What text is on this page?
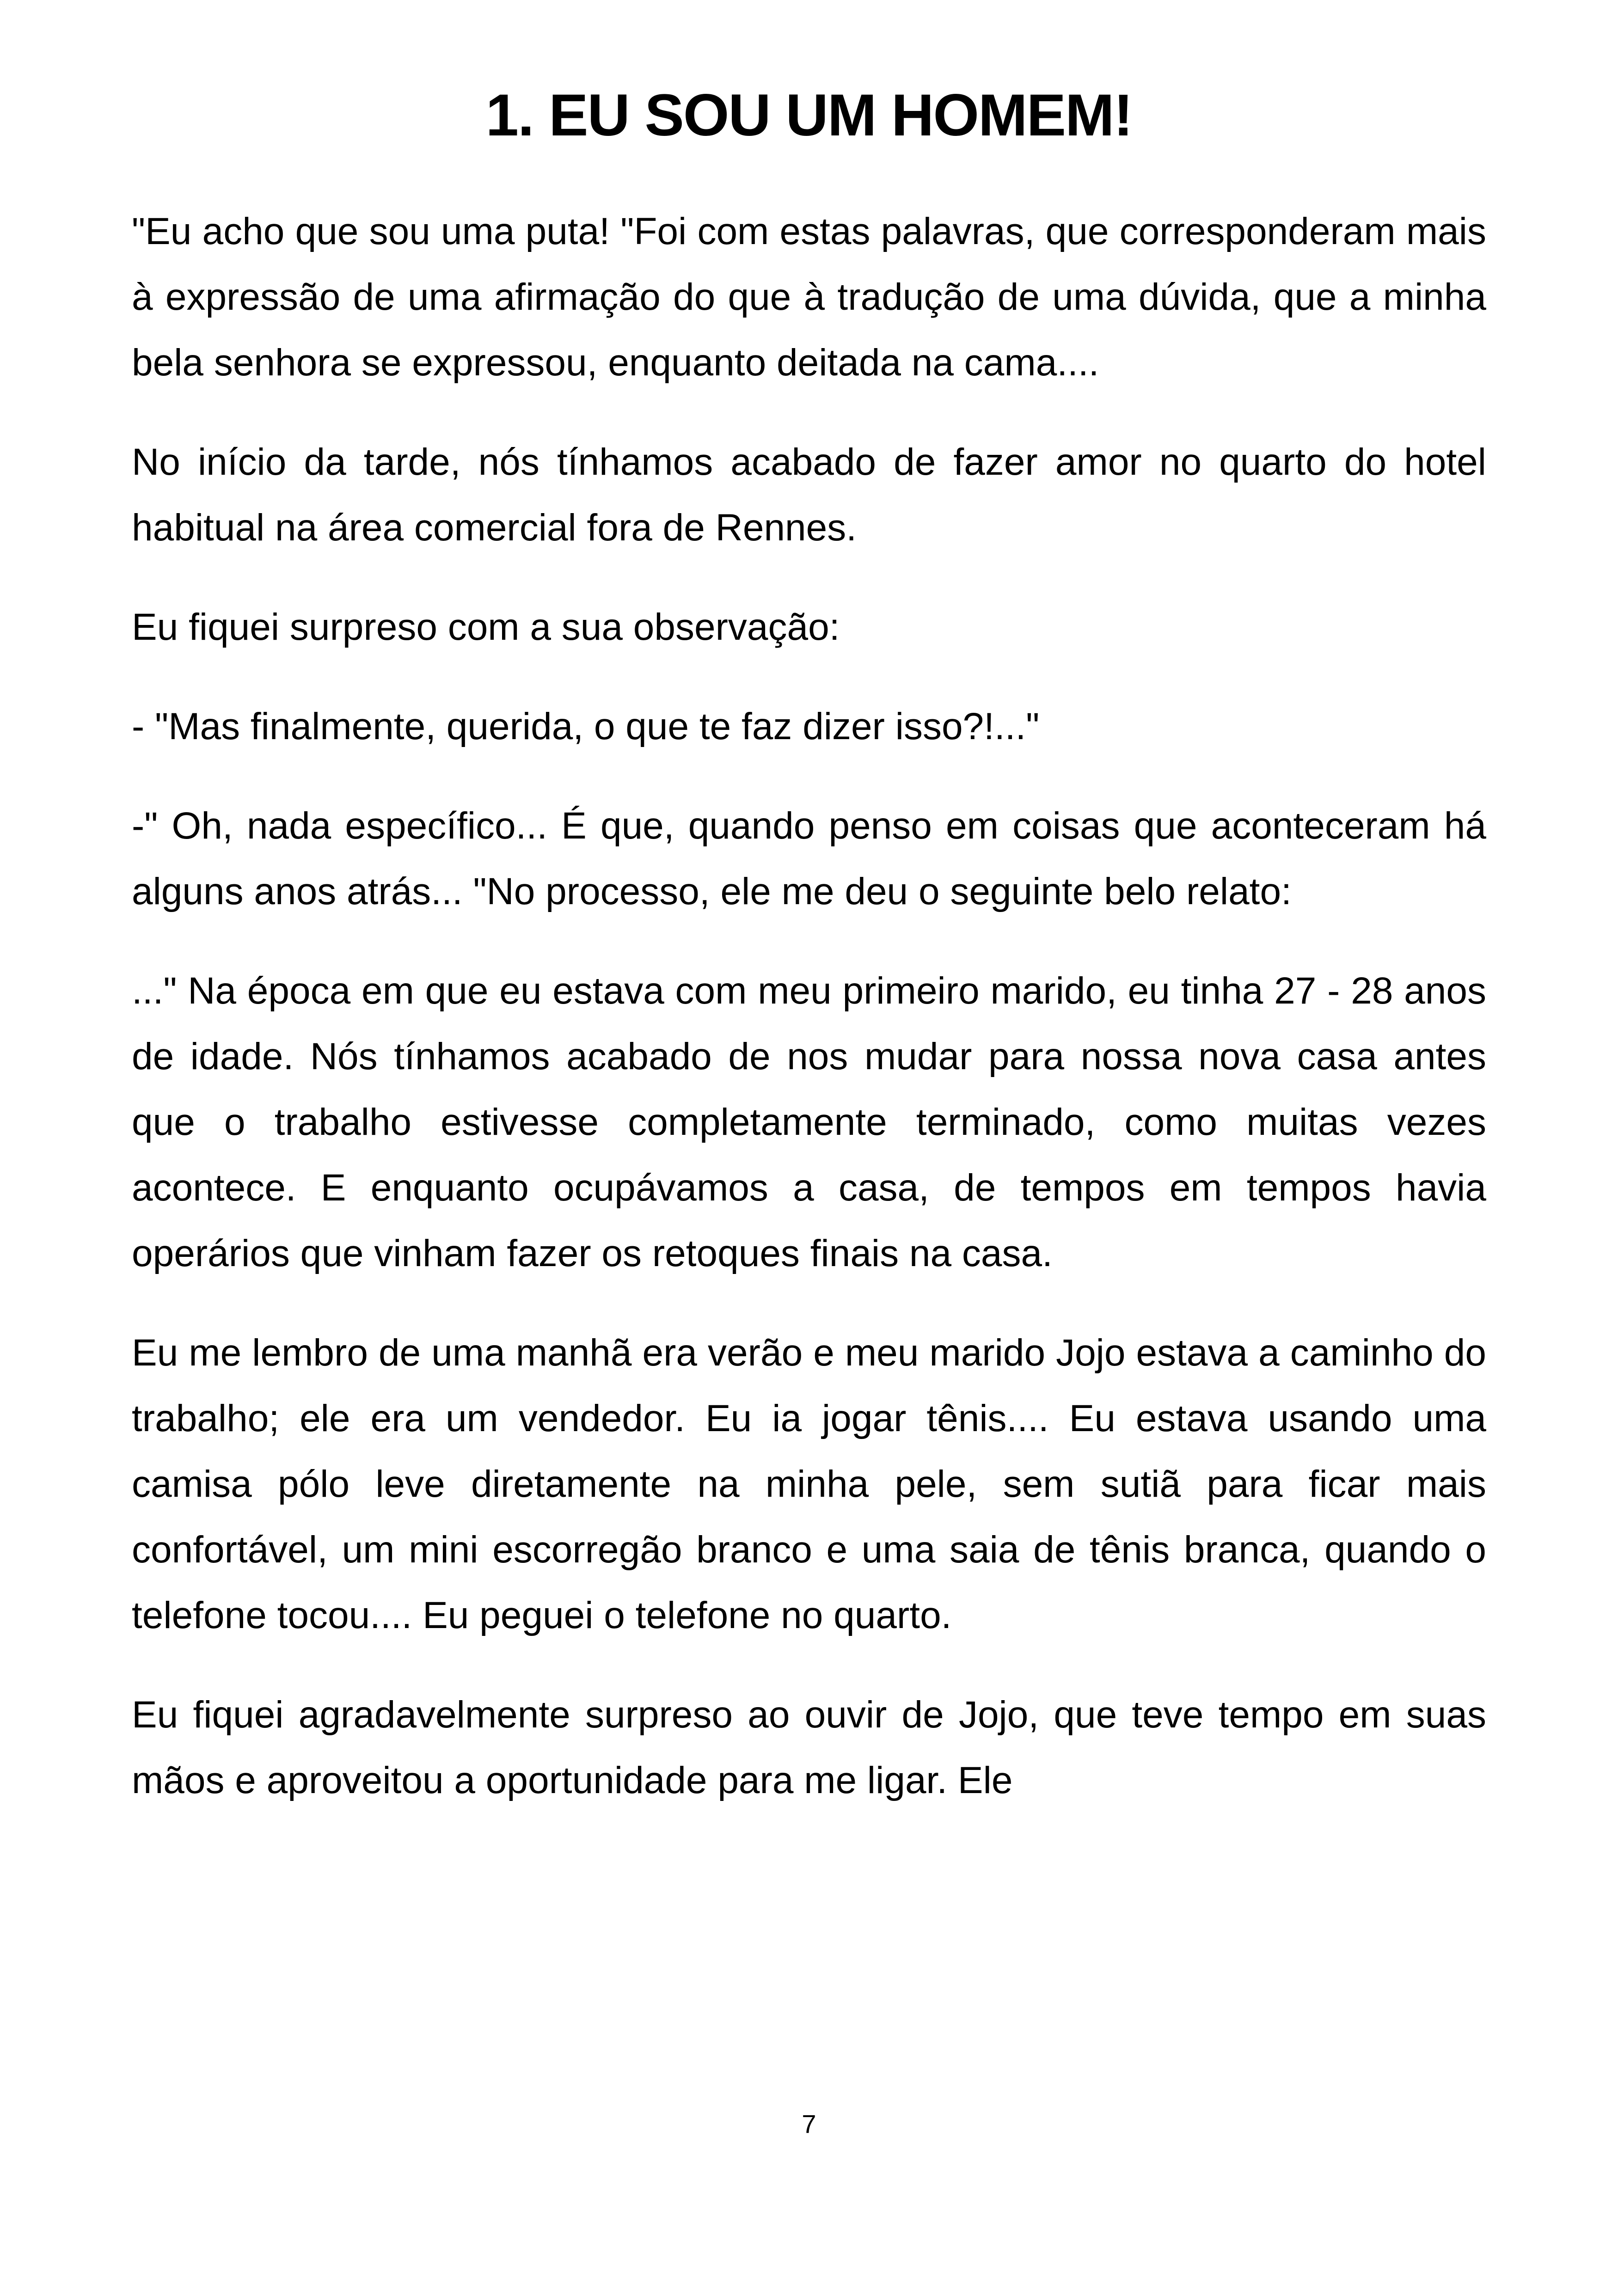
1. EU SOU UM HOMEM!

"Eu acho que sou uma puta! "Foi com estas palavras, que corresponderam mais à expressão de uma afirmação do que à tradução de uma dúvida, que a minha bela senhora se expressou, enquanto deitada na cama....

No início da tarde, nós tínhamos acabado de fazer amor no quarto do hotel habitual na área comercial fora de Rennes.

Eu fiquei surpreso com a sua observação:

- "Mas finalmente, querida, o que te faz dizer isso?!..."

-" Oh, nada específico... É que, quando penso em coisas que aconteceram há alguns anos atrás... "No processo, ele me deu o seguinte belo relato:

..." Na época em que eu estava com meu primeiro marido, eu tinha 27 - 28 anos de idade. Nós tínhamos acabado de nos mudar para nossa nova casa antes que o trabalho estivesse completamente terminado, como muitas vezes acontece. E enquanto ocupávamos a casa, de tempos em tempos havia operários que vinham fazer os retoques finais na casa.

Eu me lembro de uma manhã era verão e meu marido Jojo estava a caminho do trabalho; ele era um vendedor. Eu ia jogar tênis.... Eu estava usando uma camisa pólo leve diretamente na minha pele, sem sutiã para ficar mais confortável, um mini escorregão branco e uma saia de tênis branca, quando o telefone tocou.... Eu peguei o telefone no quarto.

Eu fiquei agradavelmente surpreso ao ouvir de Jojo, que teve tempo em suas mãos e aproveitou a oportunidade para me ligar. Ele

7
